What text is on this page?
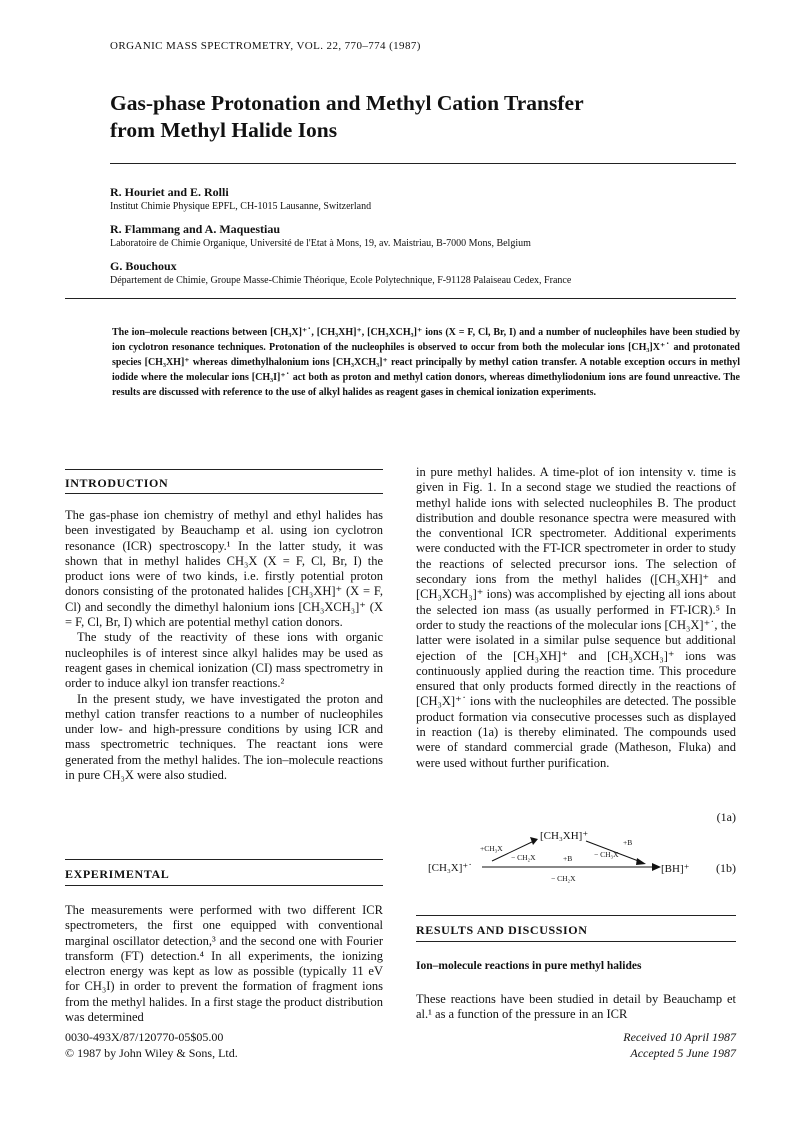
ORGANIC MASS SPECTROMETRY, VOL. 22, 770–774 (1987)
Gas-phase Protonation and Methyl Cation Transfer
from Methyl Halide Ions
R. Houriet and E. Rolli
Institut Chimie Physique EPFL, CH-1015 Lausanne, Switzerland
R. Flammang and A. Maquestiau
Laboratoire de Chimie Organique, Université de l'Etat à Mons, 19, av. Maistriau, B-7000 Mons, Belgium
G. Bouchoux
Département de Chimie, Groupe Masse-Chimie Théorique, Ecole Polytechnique, F-91128 Palaiseau Cedex, France
The ion–molecule reactions between [CH₃X]⁺˙, [CH₃XH]⁺, [CH₃XCH₃]⁺ ions (X = F, Cl, Br, I) and a number of nucleophiles have been studied by ion cyclotron resonance techniques. Protonation of the nucleophiles is observed to occur from both the molecular ions [CH₃]X⁺˙ and protonated species [CH₃XH]⁺ whereas dimethylhalonium ions [CH₃XCH₃]⁺ react principally by methyl cation transfer. A notable exception occurs in methyl iodide where the molecular ions [CH₃I]⁺˙ act both as proton and methyl cation donors, whereas dimethyliodonium ions are found unreactive. The results are discussed with reference to the use of alkyl halides as reagent gases in chemical ionization experiments.
INTRODUCTION

The gas-phase ion chemistry of methyl and ethyl halides has been investigated by Beauchamp et al. using ion cyclotron resonance (ICR) spectroscopy.¹ In the latter study, it was shown that in methyl halides CH₃X (X = F, Cl, Br, I) the product ions were of two kinds, i.e. firstly potential proton donors consisting of the protonated halides [CH₃XH]⁺ (X = F, Cl) and secondly the dimethyl halonium ions [CH₃XCH₃]⁺ (X = F, Cl, Br, I) which are potential methyl cation donors.

The study of the reactivity of these ions with organic nucleophiles is of interest since alkyl halides may be used as reagent gases in chemical ionization (CI) mass spectrometry in order to induce alkyl ion transfer reactions.²

In the present study, we have investigated the proton and methyl cation transfer reactions to a number of nucleophiles under low- and high-pressure conditions by using ICR and mass spectrometric techniques. The reactant ions were generated from the methyl halides. The ion–molecule reactions in pure CH₃X were also studied.

EXPERIMENTAL

The measurements were performed with two different ICR spectrometers, the first one equipped with conventional marginal oscillator detection,³ and the second one with Fourier transform (FT) detection.⁴ In all experiments, the ionizing electron energy was kept as low as possible (typically 11 eV for CH₃I) in order to prevent the formation of fragment ions from the methyl halides. In a first stage the product distribution was determined

in pure methyl halides. A time-plot of ion intensity v. time is given in Fig. 1. In a second stage we studied the reactions of methyl halide ions with selected nucleophiles B. The product distribution and double resonance spectra were measured with the conventional ICR spectrometer. Additional experiments were conducted with the FT-ICR spectrometer in order to study the reactions of selected precursor ions. The selection of secondary ions from the methyl halides ([CH₃XH]⁺ and [CH₃XCH₃]⁺ ions) was accomplished by ejecting all ions about the selected ion mass (as usually performed in FT-ICR).⁵ In order to study the reactions of the molecular ions [CH₃X]⁺˙, the latter were isolated in a similar pulse sequence but additional ejection of the [CH₃XH]⁺ and [CH₃XCH₃]⁺ ions was continuously applied during the reaction time. This procedure ensured that only products formed directly in the reactions of [CH₃X]⁺˙ ions with the nucleophiles are detected. The possible product formation via consecutive processes such as displayed in reaction (1a) is thereby eliminated. The compounds used were of standard commercial grade (Matheson, Fluka) and were used without further purification.

(1a)
[CH₃X]⁺˙
[CH₃XH]⁺
+CH₃X
− CH₂X
+B
− CH₃X
+B
− CH₂X
[BH]⁺ (1b)
RESULTS AND DISCUSSION
Ion–molecule reactions in pure methyl halides

These reactions have been studied in detail by Beauchamp et al.¹ as a function of the pressure in an ICR

0030-493X/87/120770-05$05.00
© 1987 by John Wiley & Sons, Ltd.
Received 10 April 1987
Accepted 5 June 1987
